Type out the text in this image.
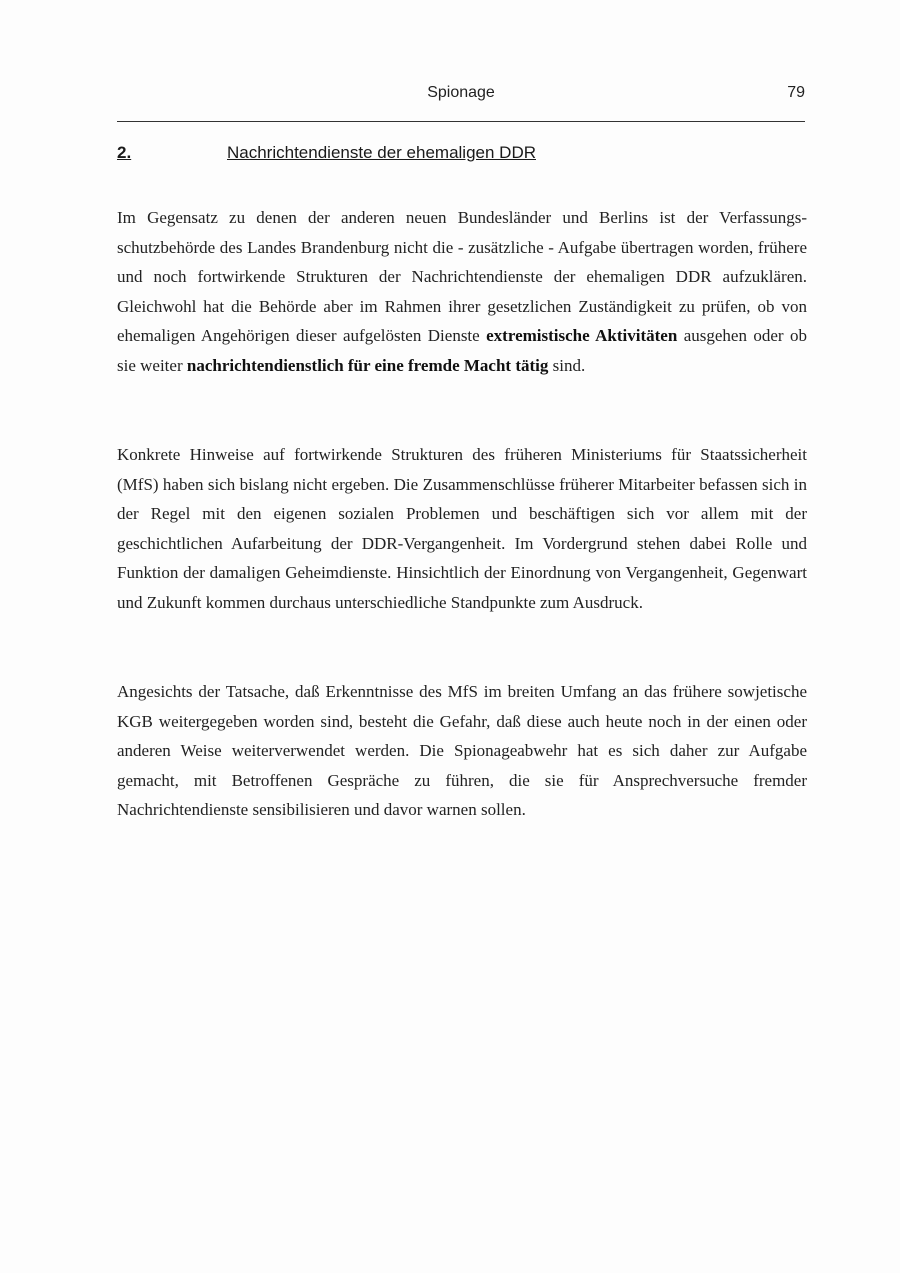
Spionage	79
2.	Nachrichtendienste der ehemaligen DDR

Im Gegensatz zu denen der anderen neuen Bundesländer und Berlins ist der Verfassungsschutzbehörde des Landes Brandenburg nicht die - zusätzliche - Aufgabe übertragen worden, frühere und noch fortwirkende Strukturen der Nachrichtendienste der ehemaligen DDR aufzuklären. Gleichwohl hat die Behörde aber im Rahmen ihrer gesetzlichen Zuständigkeit zu prüfen, ob von ehemaligen Angehörigen dieser aufgelösten Dienste extremistische Aktivitäten ausgehen oder ob sie weiter nachrichtendienstlich für eine fremde Macht tätig sind.

Konkrete Hinweise auf fortwirkende Strukturen des früheren Ministeriums für Staatssicherheit (MfS) haben sich bislang nicht ergeben. Die Zusammenschlüsse früherer Mitarbeiter befassen sich in der Regel mit den eigenen sozialen Problemen und beschäftigen sich vor allem mit der geschichtlichen Aufarbeitung der DDR-Vergangenheit. Im Vordergrund stehen dabei Rolle und Funktion der damaligen Geheimdienste. Hinsichtlich der Einordnung von Vergangenheit, Gegenwart und Zukunft kommen durchaus unterschiedliche Standpunkte zum Ausdruck.

Angesichts der Tatsache, daß Erkenntnisse des MfS im breiten Umfang an das frühere sowjetische KGB weitergegeben worden sind, besteht die Gefahr, daß diese auch heute noch in der einen oder anderen Weise weiterverwendet werden. Die Spionageabwehr hat es sich daher zur Aufgabe gemacht, mit Betroffenen Gespräche zu führen, die sie für Ansprechversuche fremder Nachrichtendienste sensibilisieren und davor warnen sollen.
